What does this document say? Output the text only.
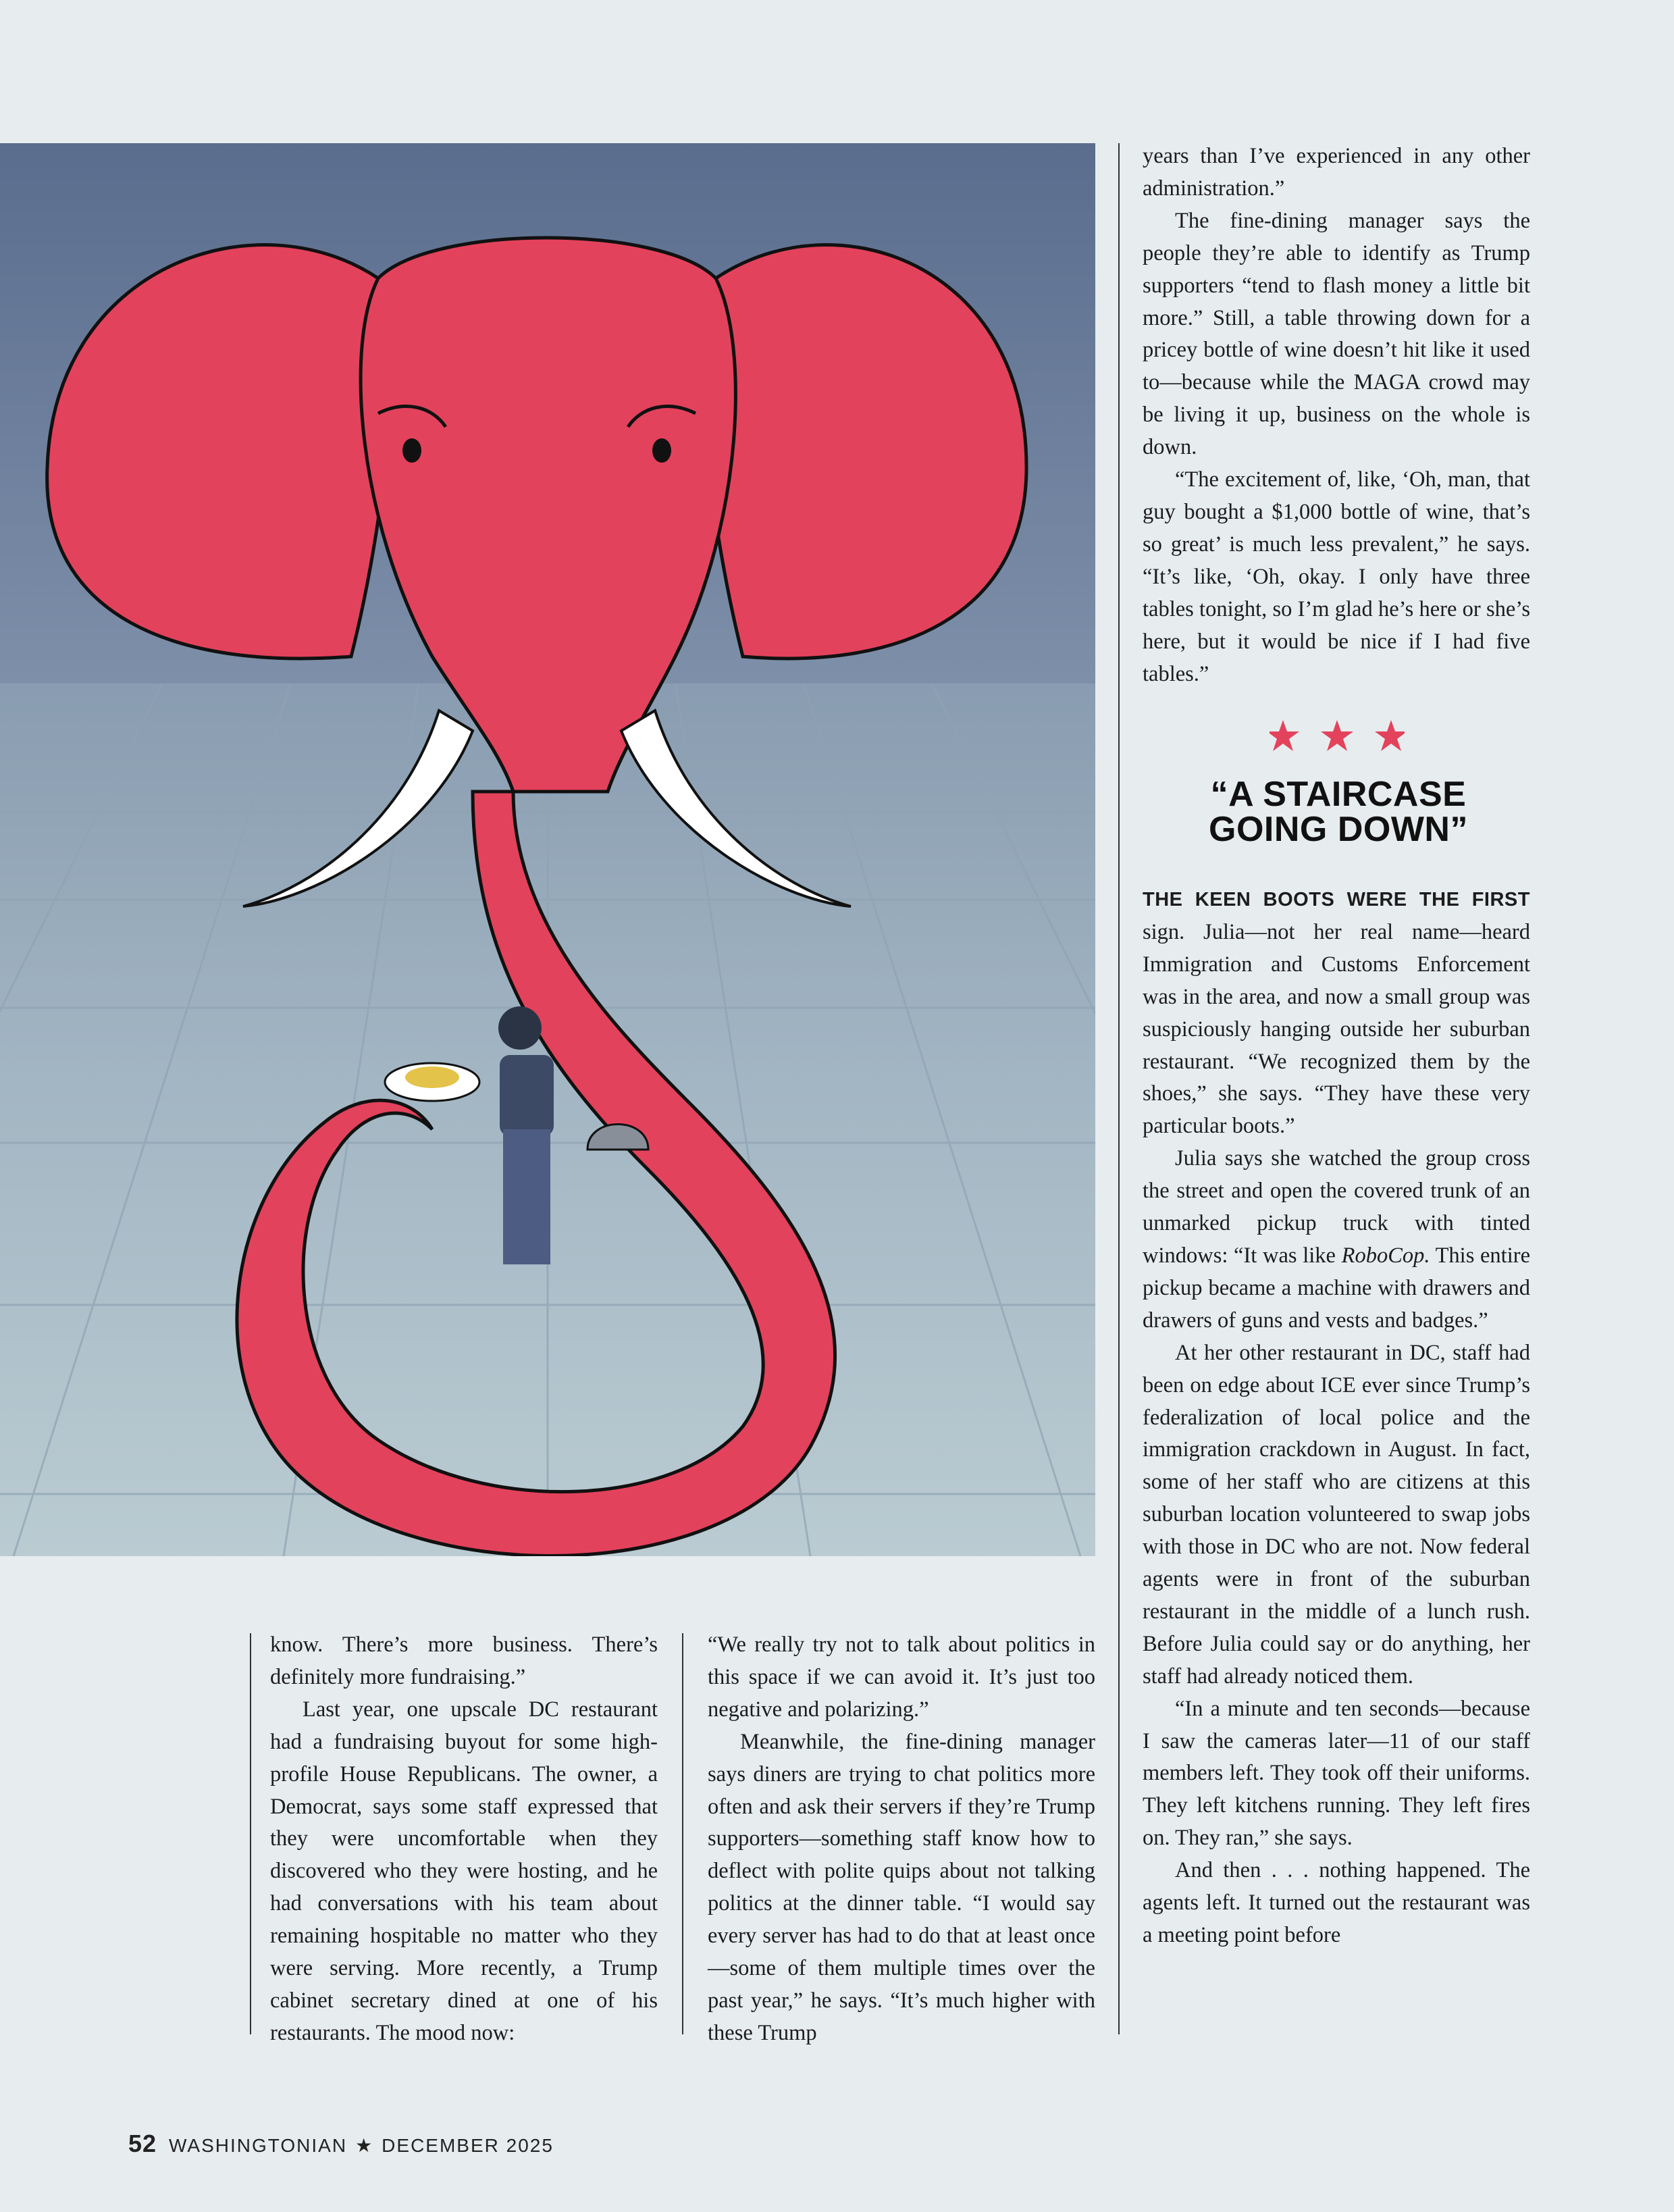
know. There’s more business. There’s definitely more fundraising.”

Last year, one upscale DC restaurant had a fundraising buyout for some high-profile House Republicans. The owner, a Democrat, says some staff expressed that they were uncomfortable when they discovered who they were hosting, and he had conversations with his team about remaining hospitable no matter who they were serving. More recently, a Trump cabinet secretary dined at one of his restaurants. The mood now:

“We really try not to talk about politics in this space if we can avoid it. It’s just too negative and polarizing.”

Meanwhile, the fine-dining manager says diners are trying to chat politics more often and ask their servers if they’re Trump supporters—something staff know how to deflect with polite quips about not talking politics at the dinner table. “I would say every server has had to do that at least once—some of them multiple times over the past year,” he says. “It’s much higher with these Trump

years than I’ve experienced in any other administration.”

The fine-dining manager says the people they’re able to identify as Trump supporters “tend to flash money a little bit more.” Still, a table throwing down for a pricey bottle of wine doesn’t hit like it used to—because while the MAGA crowd may be living it up, business on the whole is down.

“The excitement of, like, ‘Oh, man, that guy bought a $1,000 bottle of wine, that’s so great’ is much less prevalent,” he says. “It’s like, ‘Oh, okay. I only have three tables tonight, so I’m glad he’s here or she’s here, but it would be nice if I had five tables.”

“A STAIRCASE
GOING DOWN”

THE KEEN BOOTS WERE THE FIRST sign. Julia—not her real name—heard Immigration and Customs Enforcement was in the area, and now a small group was suspiciously hanging outside her suburban restaurant. “We recognized them by the shoes,” she says. “They have these very particular boots.”

Julia says she watched the group cross the street and open the covered trunk of an unmarked pickup truck with tinted windows: “It was like RoboCop. This entire pickup became a machine with drawers and drawers of guns and vests and badges.”

At her other restaurant in DC, staff had been on edge about ICE ever since Trump’s federalization of local police and the immigration crackdown in August. In fact, some of her staff who are citizens at this suburban location volunteered to swap jobs with those in DC who are not. Now federal agents were in front of the suburban restaurant in the middle of a lunch rush. Before Julia could say or do anything, her staff had already noticed them.

“In a minute and ten seconds—because I saw the cameras later—11 of our staff members left. They took off their uniforms. They left kitchens running. They left fires on. They ran,” she says.

And then . . . nothing happened. The agents left. It turned out the restaurant was a meeting point before

52 WASHINGTONIAN ★ DECEMBER 2025
